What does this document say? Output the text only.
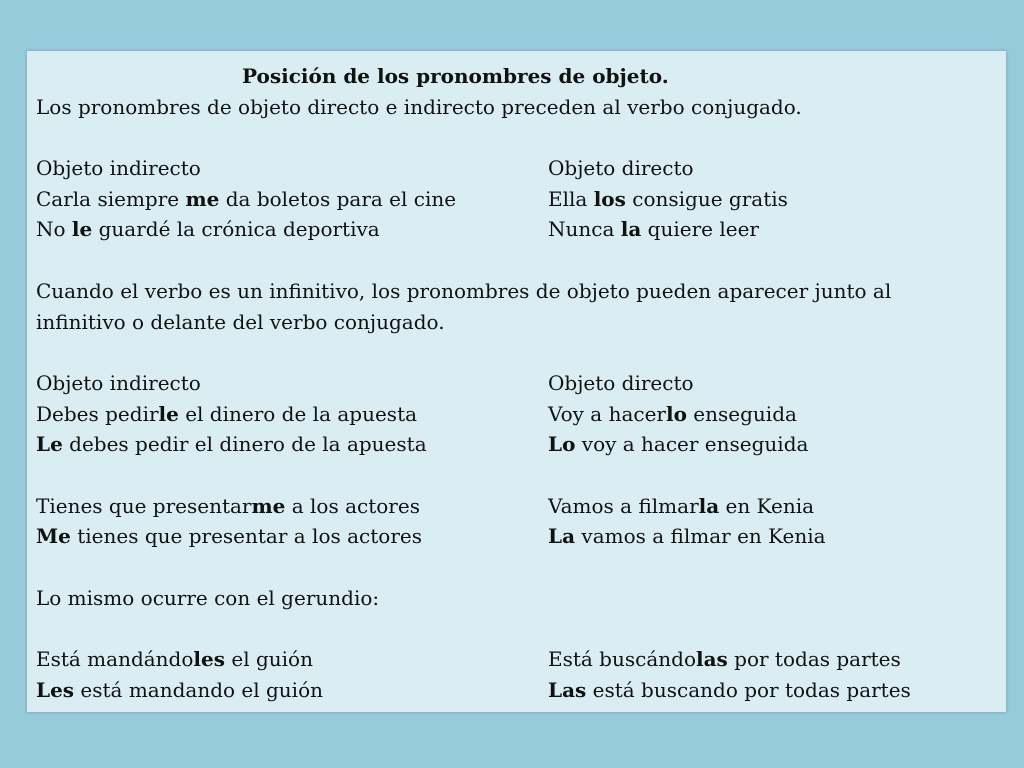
Posición de los pronombres de objeto.
Los pronombres de objeto directo e indirecto preceden al verbo conjugado.
Objeto indirecto	Objeto directo
Carla siempre me da boletos para el cine	Ella los consigue gratis
No le guardé la crónica deportiva	Nunca la quiere leer
Cuando el verbo es un infinitivo, los pronombres de objeto pueden aparecer junto al
infinitivo o delante del verbo conjugado.
Objeto indirecto	Objeto directo
Debes pedirle el dinero de la apuesta	Voy a hacerlo enseguida
Le debes pedir el dinero de la apuesta	Lo voy a hacer enseguida
Tienes que presentarme a los actores	Vamos a filmarla en Kenia
Me tienes que presentar a los actores	La vamos a filmar en Kenia
Lo mismo ocurre con el gerundio:
Está mandándoles el guión	Está buscándolas por todas partes
Les está mandando el guión	Las está buscando por todas partes
